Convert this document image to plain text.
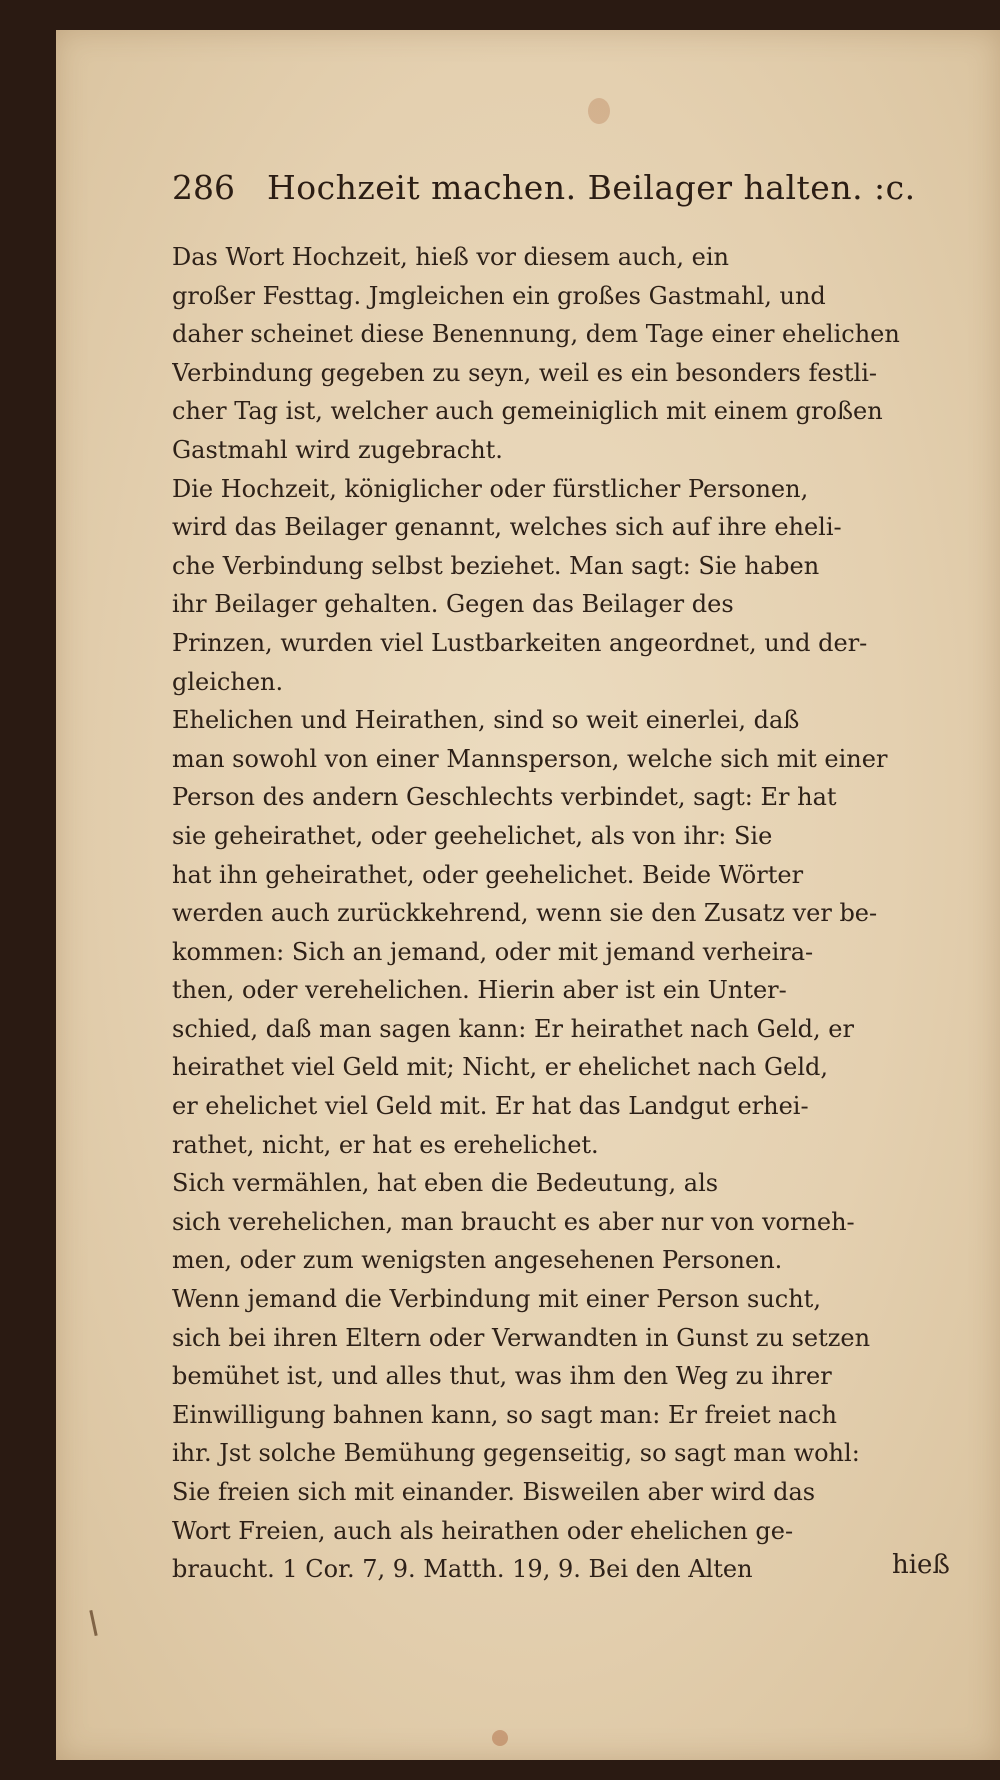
286 Hochzeit machen. Beilager halten. :c.
Das Wort Hochzeit, hieß vor diesem auch, ein
großer Festtag. Jmgleichen ein großes Gastmahl, und
daher scheinet diese Benennung, dem Tage einer ehelichen
Verbindung gegeben zu seyn, weil es ein besonders festli-
cher Tag ist, welcher auch gemeiniglich mit einem großen
Gastmahl wird zugebracht.
Die Hochzeit, königlicher oder fürstlicher Personen,
wird das Beilager genannt, welches sich auf ihre eheli-
che Verbindung selbst beziehet. Man sagt: Sie haben
ihr Beilager gehalten. Gegen das Beilager des
Prinzen, wurden viel Lustbarkeiten angeordnet, und der-
gleichen.
Ehelichen und Heirathen, sind so weit einerlei, daß
man sowohl von einer Mannsperson, welche sich mit einer
Person des andern Geschlechts verbindet, sagt: Er hat
sie geheirathet, oder geehelichet, als von ihr: Sie
hat ihn geheirathet, oder geehelichet. Beide Wörter
werden auch zurückkehrend, wenn sie den Zusatz ver be-
kommen: Sich an jemand, oder mit jemand verheira-
then, oder verehelichen. Hierin aber ist ein Unter-
schied, daß man sagen kann: Er heirathet nach Geld, er
heirathet viel Geld mit; Nicht, er ehelichet nach Geld,
er ehelichet viel Geld mit. Er hat das Landgut erhei-
rathet, nicht, er hat es erehelichet.
Sich vermählen, hat eben die Bedeutung, als
sich verehelichen, man braucht es aber nur von vorneh-
men, oder zum wenigsten angesehenen Personen.
Wenn jemand die Verbindung mit einer Person sucht,
sich bei ihren Eltern oder Verwandten in Gunst zu setzen
bemühet ist, und alles thut, was ihm den Weg zu ihrer
Einwilligung bahnen kann, so sagt man: Er freiet nach
ihr. Jst solche Bemühung gegenseitig, so sagt man wohl:
Sie freien sich mit einander. Bisweilen aber wird das
Wort Freien, auch als heirathen oder ehelichen ge-
braucht. 1 Cor. 7, 9. Matth. 19, 9. Bei den Alten	hieß
